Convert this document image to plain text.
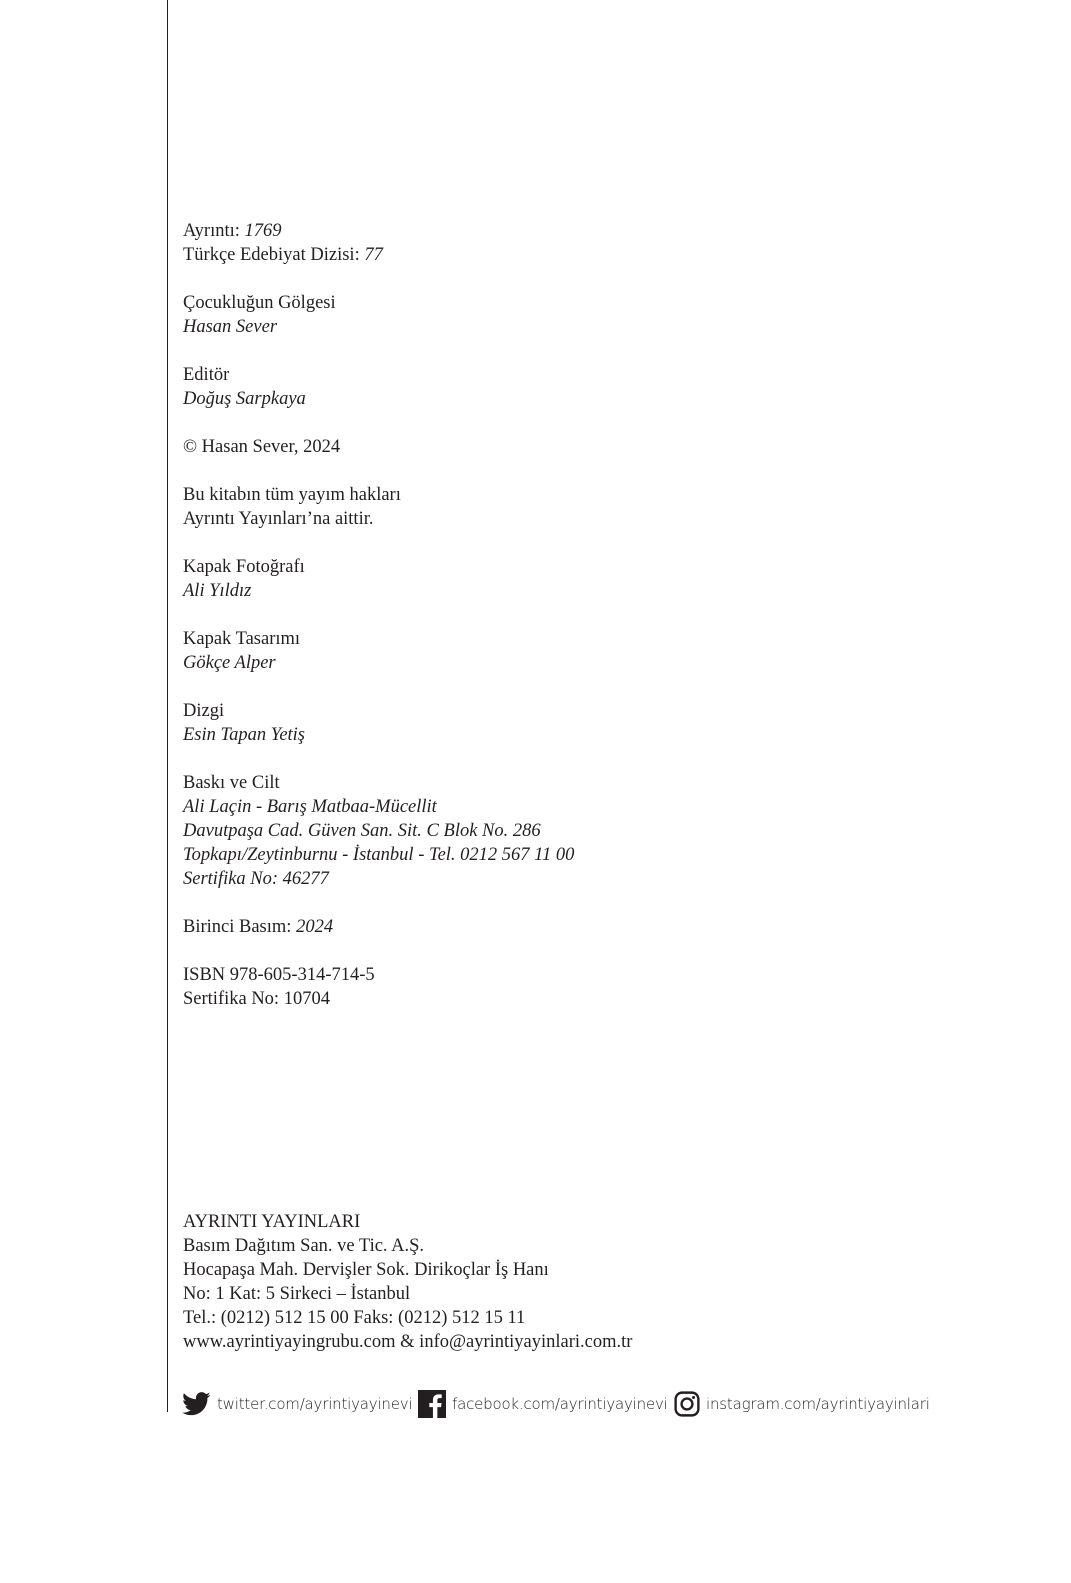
Ayrıntı: 1769
Türkçe Edebiyat Dizisi: 77
Çocukluğun Gölgesi
Hasan Sever
Editör
Doğuş Sarpkaya
© Hasan Sever, 2024
Bu kitabın tüm yayım hakları
Ayrıntı Yayınları’na aittir.
Kapak Fotoğrafı
Ali Yıldız
Kapak Tasarımı
Gökçe Alper
Dizgi
Esin Tapan Yetiş
Baskı ve Cilt
Ali Laçin - Barış Matbaa-Mücellit
Davutpaşa Cad. Güven San. Sit. C Blok No. 286
Topkapı/Zeytinburnu - İstanbul - Tel. 0212 567 11 00
Sertifika No: 46277
Birinci Basım: 2024
ISBN 978-605-314-714-5
Sertifika No: 10704
AYRINTI YAYINLARI
Basım Dağıtım San. ve Tic. A.Ş.
Hocapaşa Mah. Dervişler Sok. Dirikoçlar İş Hanı
No: 1 Kat: 5 Sirkeci – İstanbul
Tel.: (0212) 512 15 00 Faks: (0212) 512 15 11
www.ayrintiyayingrubu.com & info@ayrintiyayinlari.com.tr
twitter.com/ayrintiyayinevi	facebook.com/ayrintiyayinevi	instagram.com/ayrintiyayinlari
